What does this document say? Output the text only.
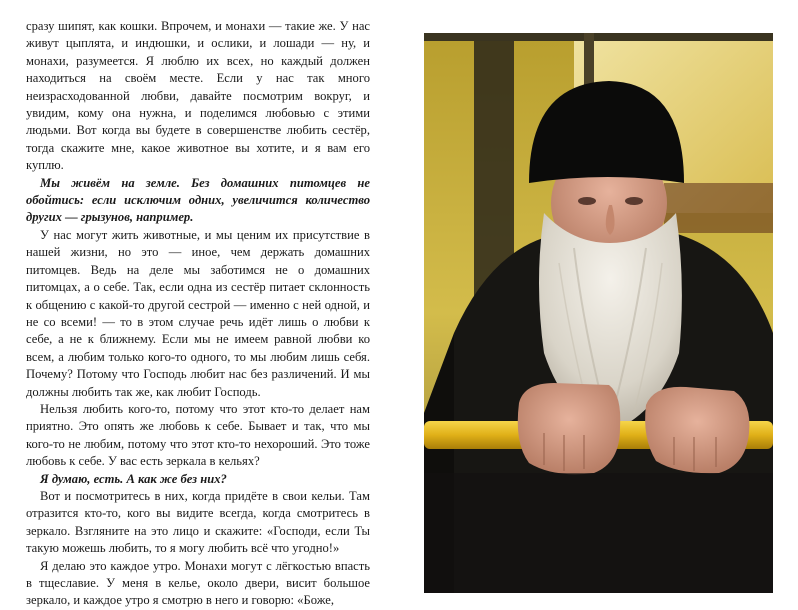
сразу шипят, как кошки. Впрочем, и монахи — такие же. У нас живут цыплята, и индюшки, и ослики, и лошади — ну, и монахи, разумеется. Я люблю их всех, но каждый должен находиться на своём месте. Если у нас так много неизрасходованной любви, давайте посмотрим вокруг, и увидим, кому она нужна, и поделимся любовью с этими людьми. Вот когда вы будете в совершенстве любить сестёр, тогда скажите мне, какое животное вы хотите, и я вам его куплю.

Мы живём на земле. Без домашних питомцев не обойтись: если исключим одних, увеличится количество других — грызунов, например.

У нас могут жить животные, и мы ценим их присутствие в нашей жизни, но это — иное, чем держать домашних питомцев. Ведь на деле мы заботимся не о домашних питомцах, а о себе. Так, если одна из сестёр питает склонность к общению с какой-то другой сестрой — именно с ней одной, и не со всеми! — то в этом случае речь идёт лишь о любви к себе, а не к ближнему. Если мы не имеем равной любви ко всем, а любим только кого-то одного, то мы любим лишь себя. Почему? Потому что Господь любит нас без различений. И мы должны любить так же, как любит Господь.

Нельзя любить кого-то, потому что этот кто-то делает нам приятно. Это опять же любовь к себе. Бывает и так, что мы кого-то не любим, потому что этот кто-то нехороший. Это тоже любовь к себе. У вас есть зеркала в кельях?

Я думаю, есть. А как же без них?

Вот и посмотритесь в них, когда придёте в свои кельи. Там отразится кто-то, кого вы видите всегда, когда смотритесь в зеркало. Взгляните на это лицо и скажите: «Господи, если Ты такую можешь любить, то я могу любить всё что угодно!»

Я делаю это каждое утро. Монахи могут с лёгкостью впасть в тщеславие. У меня в келье, около двери, висит большое зеркало, и каждое утро я смотрю в него и говорю: «Боже,
